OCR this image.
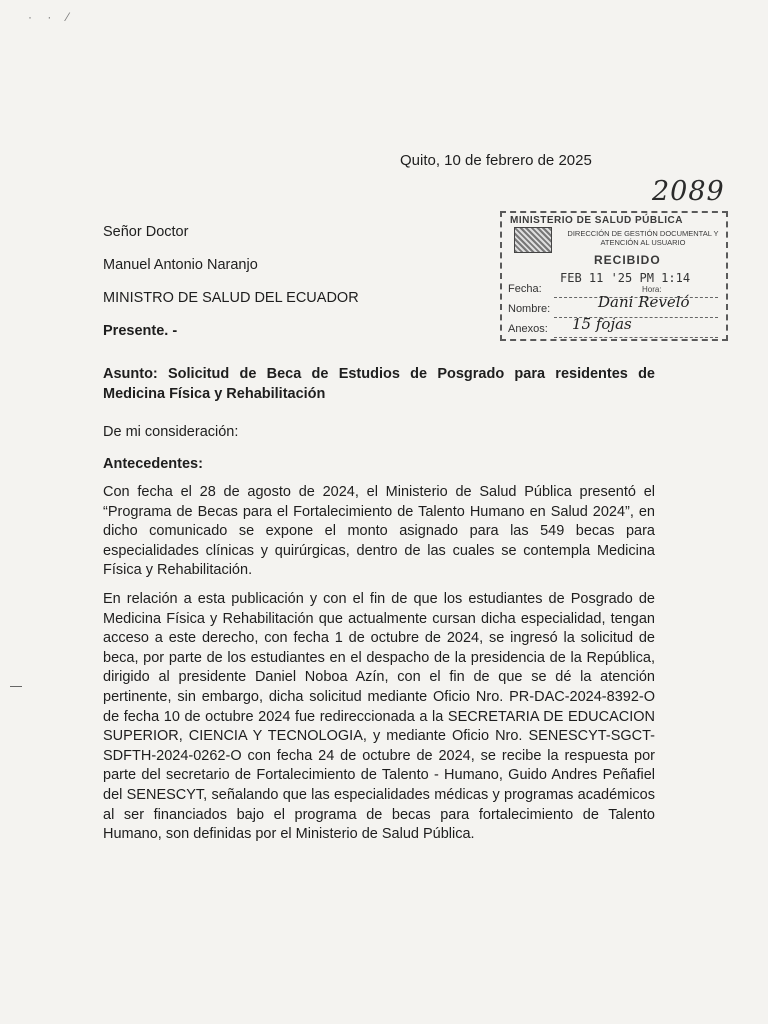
· · ⁄
Quito, 10 de febrero de 2025
2089
MINISTERIO DE SALUD PÚBLICA
DIRECCIÓN DE GESTIÓN DOCUMENTAL Y ATENCIÓN AL USUARIO
RECIBIDO
Fecha:
FEB 11 '25 PM 1:14
Hora:
Nombre:	Dani Reveló
Anexos: 15 fojas
Señor Doctor
Manuel Antonio Naranjo
MINISTRO DE SALUD DEL ECUADOR
Presente. -
Asunto: Solicitud de Beca de Estudios de Posgrado para residentes de Medicina Física y Rehabilitación
De mi consideración:
Antecedentes:
Con fecha el 28 de agosto de 2024, el Ministerio de Salud Pública presentó el “Programa de Becas para el Fortalecimiento de Talento Humano en Salud 2024”, en dicho comunicado se expone el monto asignado para las 549 becas para especialidades clínicas y quirúrgicas, dentro de las cuales se contempla Medicina Física y Rehabilitación.
En relación a esta publicación y con el fin de que los estudiantes de Posgrado de Medicina Física y Rehabilitación que actualmente cursan dicha especialidad, tengan acceso a este derecho, con fecha 1 de octubre de 2024, se ingresó la solicitud de beca, por parte de los estudiantes en el despacho de la presidencia de la República, dirigido al presidente Daniel Noboa Azín, con el fin de que se dé la atención pertinente, sin embargo, dicha solicitud mediante Oficio Nro. PR-DAC-2024-8392-O de fecha 10 de octubre 2024 fue redireccionada a la SECRETARIA DE EDUCACION SUPERIOR, CIENCIA Y TECNOLOGIA, y mediante Oficio Nro. SENESCYT-SGCT-SDFTH-2024-0262-O con fecha 24 de octubre de 2024, se recibe la respuesta por parte del secretario de Fortalecimiento de Talento - Humano, Guido Andres Peñafiel del SENESCYT, señalando que las especialidades médicas y programas académicos al ser financiados bajo el programa de becas para fortalecimiento de Talento Humano, son definidas por el Ministerio de Salud Pública.
